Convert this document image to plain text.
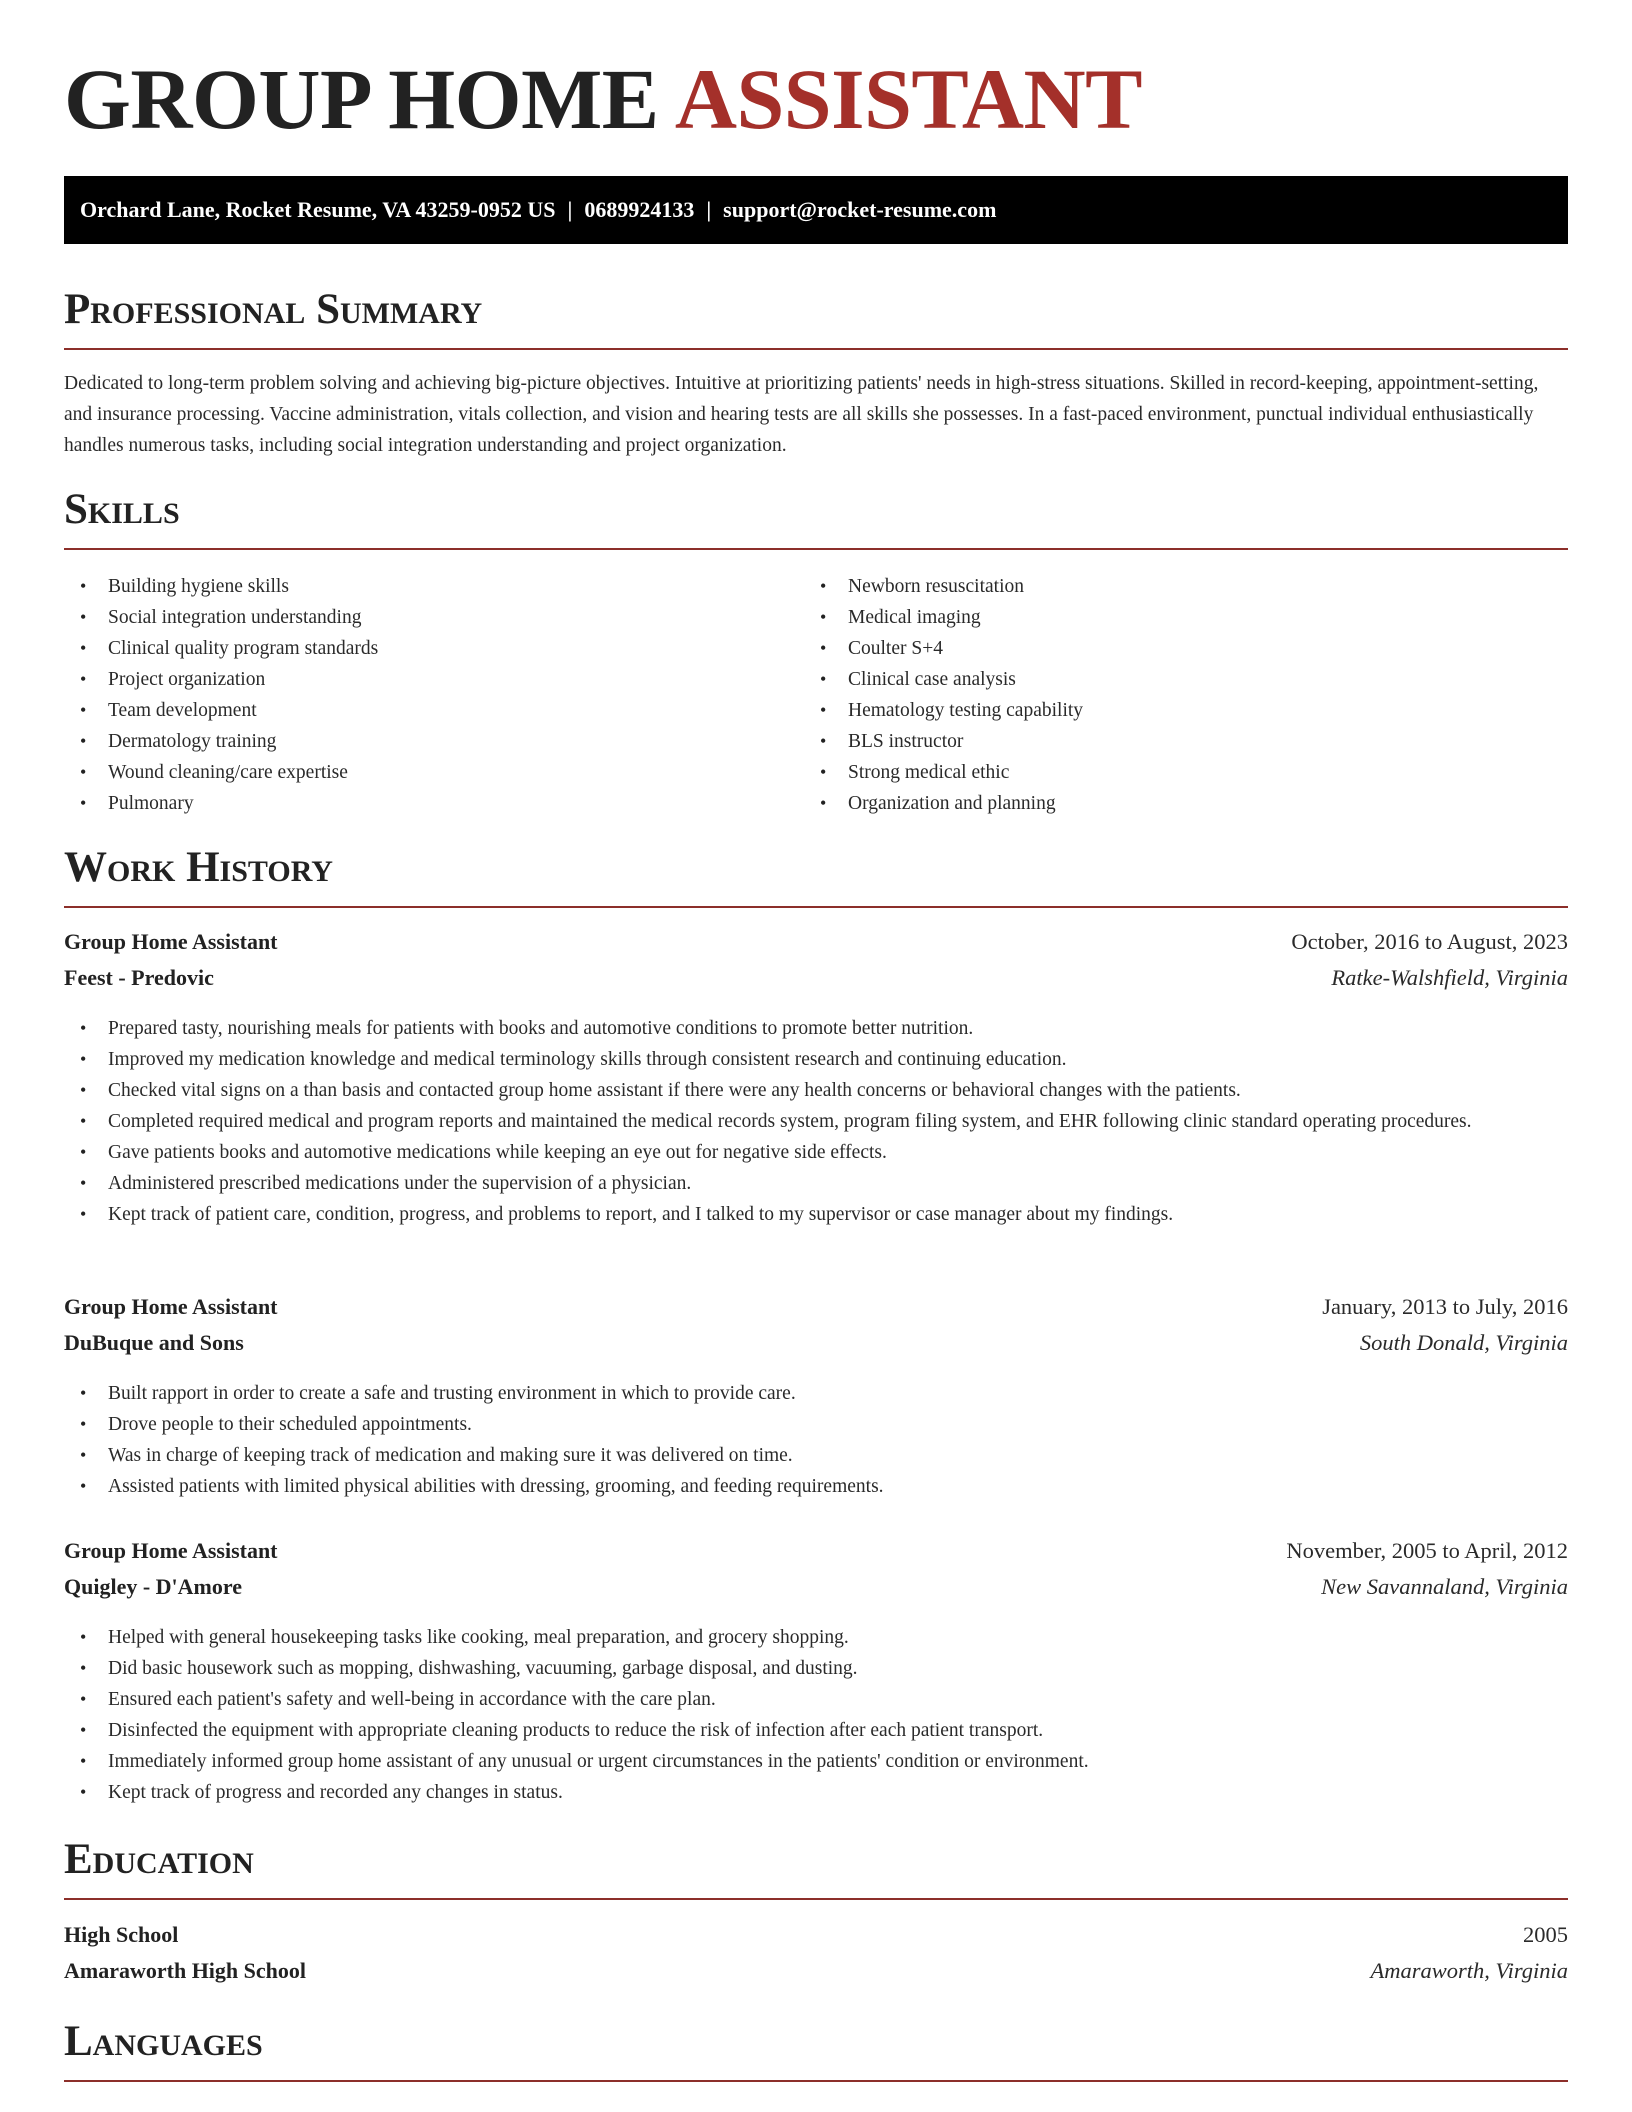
GROUP HOME ASSISTANT
Orchard Lane, Rocket Resume, VA 43259-0952 US | 0689924133 | support@rocket-resume.com
Professional Summary

Dedicated to long-term problem solving and achieving big-picture objectives. Intuitive at prioritizing patients' needs in high-stress situations. Skilled in record-keeping, appointment-setting, and insurance processing. Vaccine administration, vitals collection, and vision and hearing tests are all skills she possesses. In a fast-paced environment, punctual individual enthusiastically handles numerous tasks, including social integration understanding and project organization.

Skills
• Building hygiene skills
• Social integration understanding
• Clinical quality program standards
• Project organization
• Team development
• Dermatology training
• Wound cleaning/care expertise
• Pulmonary
• Newborn resuscitation
• Medical imaging
• Coulter S+4
• Clinical case analysis
• Hematology testing capability
• BLS instructor
• Strong medical ethic
• Organization and planning
Work History
Group Home Assistant	October, 2016 to August, 2023
Feest - Predovic	Ratke-Walshfield, Virginia
• Prepared tasty, nourishing meals for patients with books and automotive conditions to promote better nutrition.
• Improved my medication knowledge and medical terminology skills through consistent research and continuing education.
• Checked vital signs on a than basis and contacted group home assistant if there were any health concerns or behavioral changes with the patients.
• Completed required medical and program reports and maintained the medical records system, program filing system, and EHR following clinic standard operating procedures.
• Gave patients books and automotive medications while keeping an eye out for negative side effects.
• Administered prescribed medications under the supervision of a physician.
• Kept track of patient care, condition, progress, and problems to report, and I talked to my supervisor or case manager about my findings.
Group Home Assistant	January, 2013 to July, 2016
DuBuque and Sons	South Donald, Virginia
• Built rapport in order to create a safe and trusting environment in which to provide care.
• Drove people to their scheduled appointments.
• Was in charge of keeping track of medication and making sure it was delivered on time.
• Assisted patients with limited physical abilities with dressing, grooming, and feeding requirements.
Group Home Assistant	November, 2005 to April, 2012
Quigley - D'Amore	New Savannaland, Virginia
• Helped with general housekeeping tasks like cooking, meal preparation, and grocery shopping.
• Did basic housework such as mopping, dishwashing, vacuuming, garbage disposal, and dusting.
• Ensured each patient's safety and well-being in accordance with the care plan.
• Disinfected the equipment with appropriate cleaning products to reduce the risk of infection after each patient transport.
• Immediately informed group home assistant of any unusual or urgent circumstances in the patients' condition or environment.
• Kept track of progress and recorded any changes in status.
Education
High School	2005
Amaraworth High School	Amaraworth, Virginia
Languages
